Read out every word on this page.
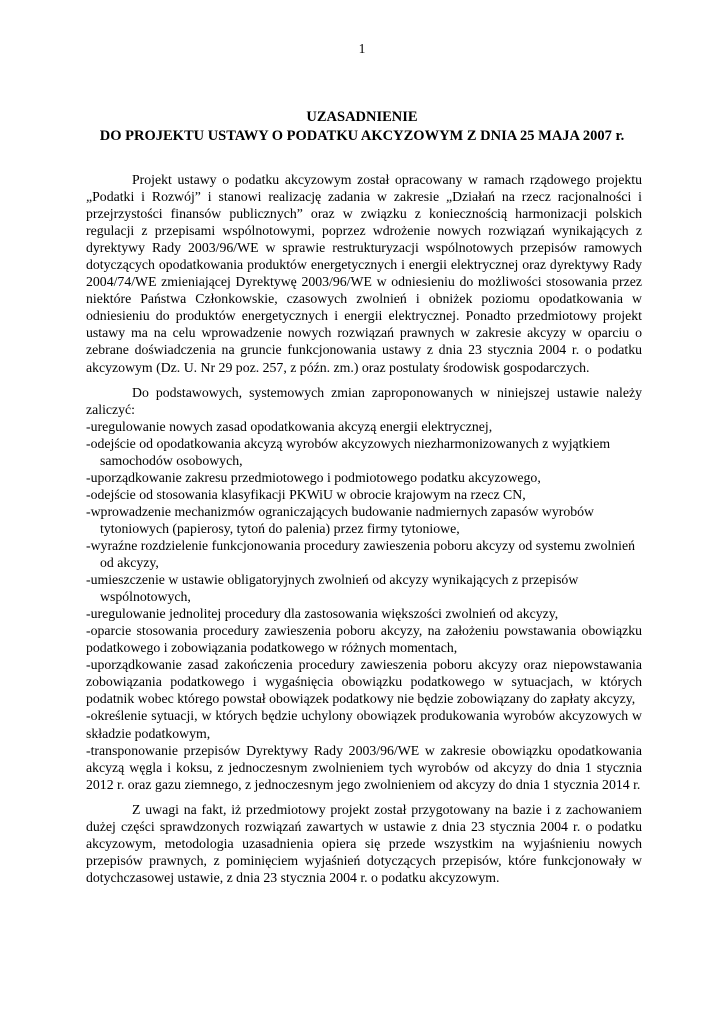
1
UZASADNIENIE
DO PROJEKTU USTAWY O PODATKU AKCYZOWYM Z DNIA 25 MAJA 2007 r.

Projekt ustawy o podatku akcyzowym został opracowany w ramach rządowego projektu „Podatki i Rozwój” i stanowi realizację zadania w zakresie „Działań na rzecz racjonalności i przejrzystości finansów publicznych” oraz w związku z koniecznością harmonizacji polskich regulacji z przepisami wspólnotowymi, poprzez wdrożenie nowych rozwiązań wynikających z dyrektywy Rady 2003/96/WE w sprawie restrukturyzacji wspólnotowych przepisów ramowych dotyczących opodatkowania produktów energetycznych i energii elektrycznej oraz dyrektywy Rady 2004/74/WE zmieniającej Dyrektywę 2003/96/WE w odniesieniu do możliwości stosowania przez niektóre Państwa Członkowskie, czasowych zwolnień i obniżek poziomu opodatkowania w odniesieniu do produktów energetycznych i energii elektrycznej. Ponadto przedmiotowy projekt ustawy ma na celu wprowadzenie nowych rozwiązań prawnych w zakresie akcyzy w oparciu o zebrane doświadczenia na gruncie funkcjonowania ustawy z dnia 23 stycznia 2004 r. o podatku akcyzowym (Dz. U. Nr 29 poz. 257, z późn. zm.) oraz postulaty środowisk gospodarczych.

Do podstawowych, systemowych zmian zaproponowanych w niniejszej ustawie należy zaliczyć:

-uregulowanie nowych zasad opodatkowania akcyzą energii elektrycznej,
-odejście od opodatkowania akcyzą wyrobów akcyzowych niezharmonizowanych z wyjątkiem samochodów osobowych,
-uporządkowanie zakresu przedmiotowego i podmiotowego podatku akcyzowego,
-odejście od stosowania klasyfikacji PKWiU w obrocie krajowym na rzecz CN,
-wprowadzenie mechanizmów ograniczających budowanie nadmiernych zapasów wyrobów tytoniowych (papierosy, tytoń do palenia) przez firmy tytoniowe,
-wyraźne rozdzielenie funkcjonowania procedury zawieszenia poboru akcyzy od systemu zwolnień od akcyzy,
-umieszczenie w ustawie obligatoryjnych zwolnień od akcyzy wynikających z przepisów wspólnotowych,
-uregulowanie jednolitej procedury dla zastosowania większości zwolnień od akcyzy,
-oparcie stosowania procedury zawieszenia poboru akcyzy, na założeniu powstawania obowiązku podatkowego i zobowiązania podatkowego w różnych momentach,
-uporządkowanie zasad zakończenia procedury zawieszenia poboru akcyzy oraz niepowstawania zobowiązania podatkowego i wygaśnięcia obowiązku podatkowego w sytuacjach, w których podatnik wobec którego powstał obowiązek podatkowy nie będzie zobowiązany do zapłaty akcyzy,
-określenie sytuacji, w których będzie uchylony obowiązek produkowania wyrobów akcyzowych w składzie podatkowym,
-transponowanie przepisów Dyrektywy Rady 2003/96/WE w zakresie obowiązku opodatkowania akcyzą węgla i koksu, z jednoczesnym zwolnieniem tych wyrobów od akcyzy do dnia 1 stycznia 2012 r. oraz gazu ziemnego, z jednoczesnym jego zwolnieniem od akcyzy do dnia 1 stycznia 2014 r.

Z uwagi na fakt, iż przedmiotowy projekt został przygotowany na bazie i z zachowaniem dużej części sprawdzonych rozwiązań zawartych w ustawie z dnia 23 stycznia 2004 r. o podatku akcyzowym, metodologia uzasadnienia opiera się przede wszystkim na wyjaśnieniu nowych przepisów prawnych, z pominięciem wyjaśnień dotyczących przepisów, które funkcjonowały w dotychczasowej ustawie, z dnia 23 stycznia 2004 r. o podatku akcyzowym.
